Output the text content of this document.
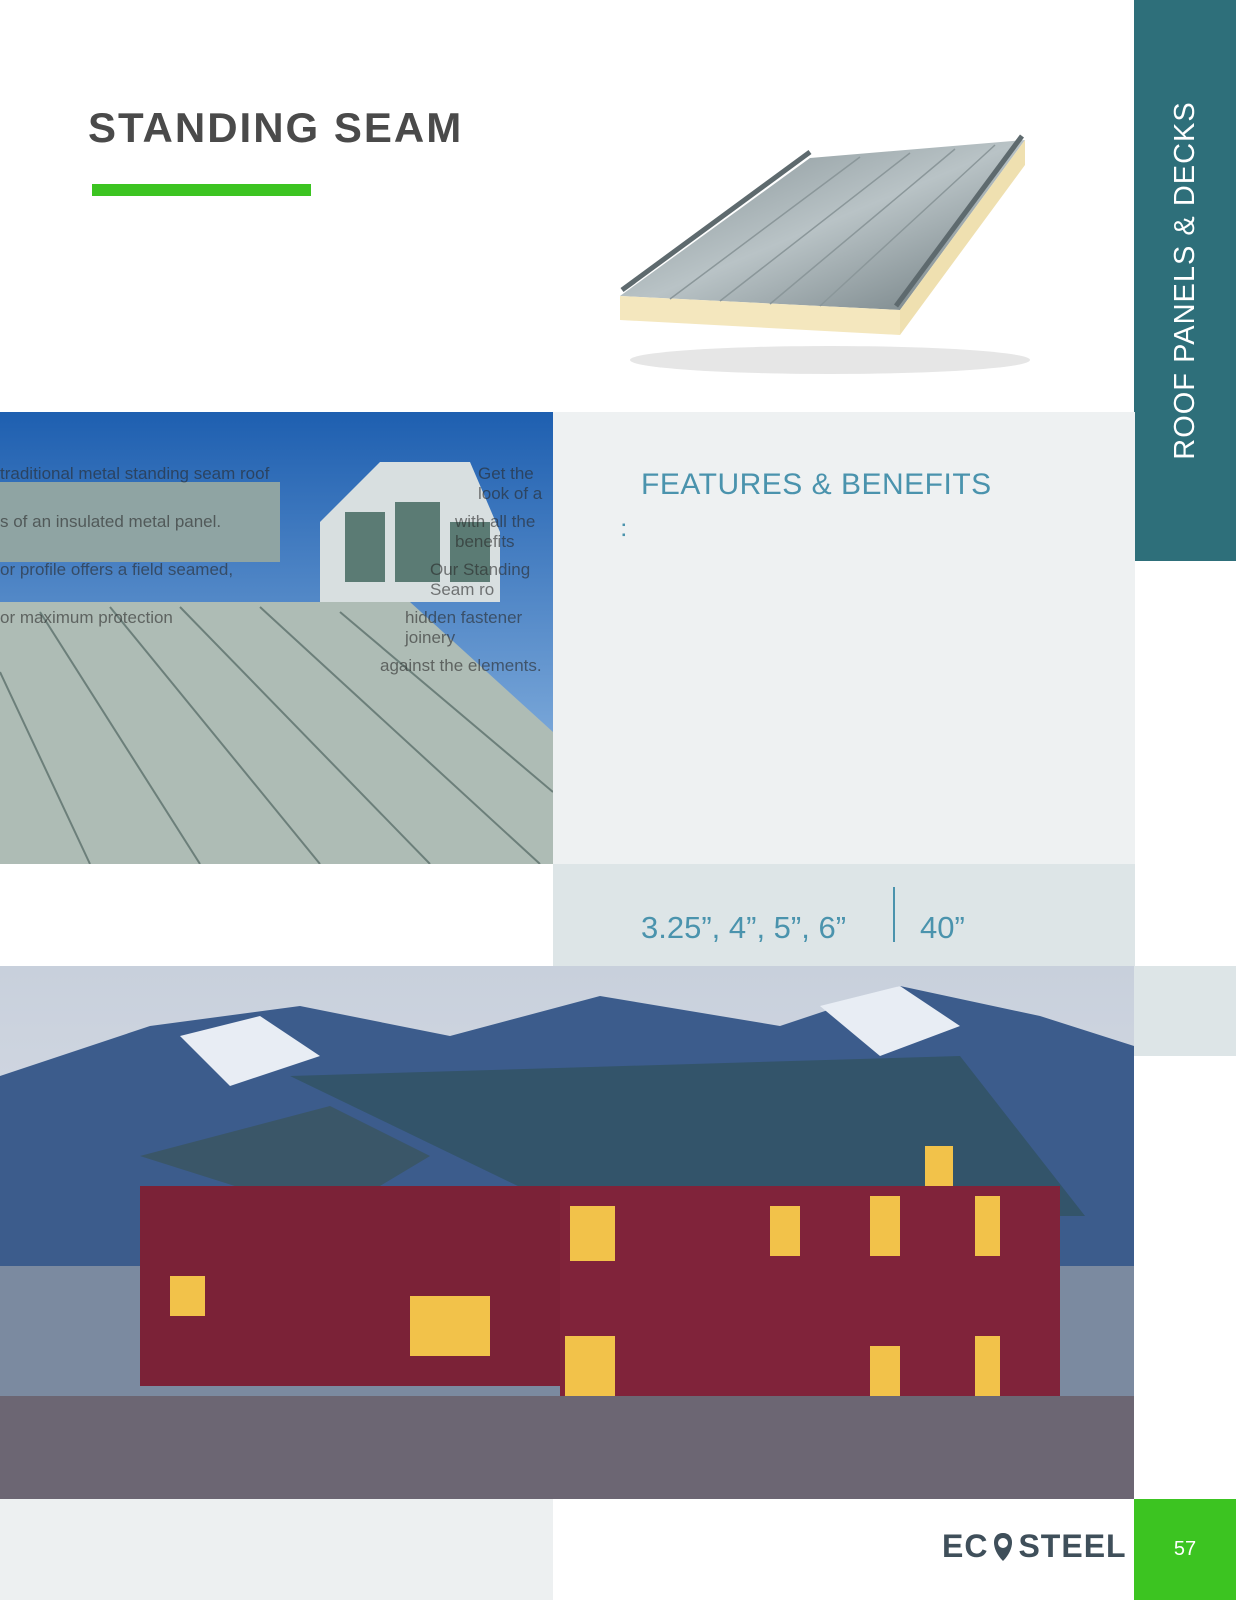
ROOF PANELS & DECKS
STANDING SEAM
traditional metal standing seam roof
s of an insulated metal panel.
or profile offers a field seamed,
or maximum protection
Get the look of a
with all the benefits
Our Standing Seam ro
hidden fastener joinery
against the elements.
FEATURES & BENEFITS
3.25”, 4”, 5”, 6” 40”
EC STEEL	57
